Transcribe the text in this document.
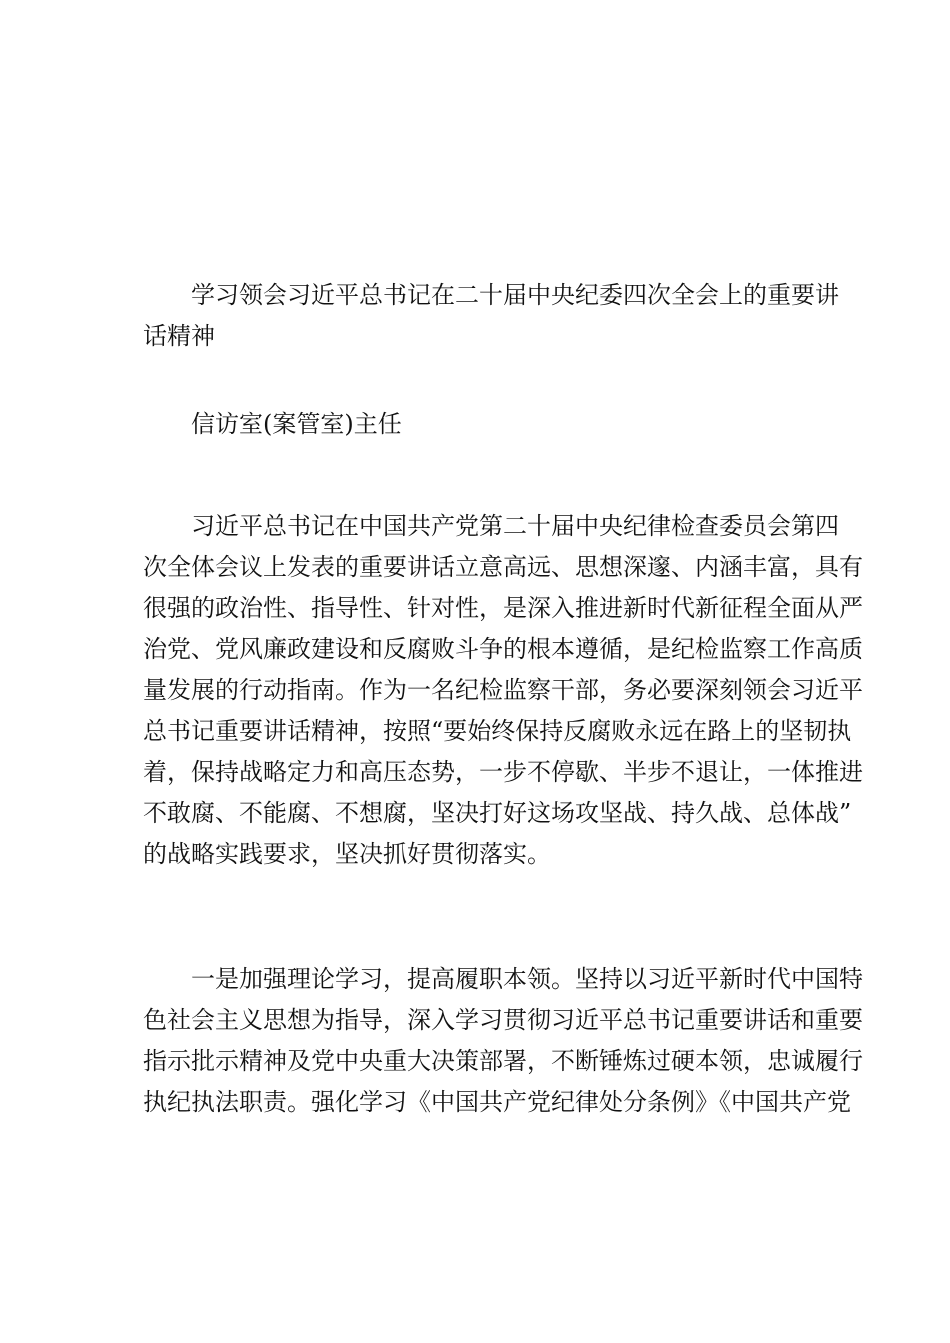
学习领会习近平总书记在二十届中央纪委四次全会上的重要讲
话精神
信访室(案管室)主任
习近平总书记在中国共产党第二十届中央纪律检查委员会第四
次全体会议上发表的重要讲话立意高远、思想深邃、内涵丰富，具有
很强的政治性、指导性、针对性，是深入推进新时代新征程全面从严
治党、党风廉政建设和反腐败斗争的根本遵循，是纪检监察工作高质
量发展的行动指南。作为一名纪检监察干部，务必要深刻领会习近平
总书记重要讲话精神，按照“要始终保持反腐败永远在路上的坚韧执
着，保持战略定力和高压态势，一步不停歇、半步不退让，一体推进
不敢腐、不能腐、不想腐，坚决打好这场攻坚战、持久战、总体战”
的战略实践要求，坚决抓好贯彻落实。
一是加强理论学习，提高履职本领。坚持以习近平新时代中国特
色社会主义思想为指导，深入学习贯彻习近平总书记重要讲话和重要
指示批示精神及党中央重大决策部署，不断锤炼过硬本领，忠诚履行
执纪执法职责。强化学习《中国共产党纪律处分条例》《中国共产党
